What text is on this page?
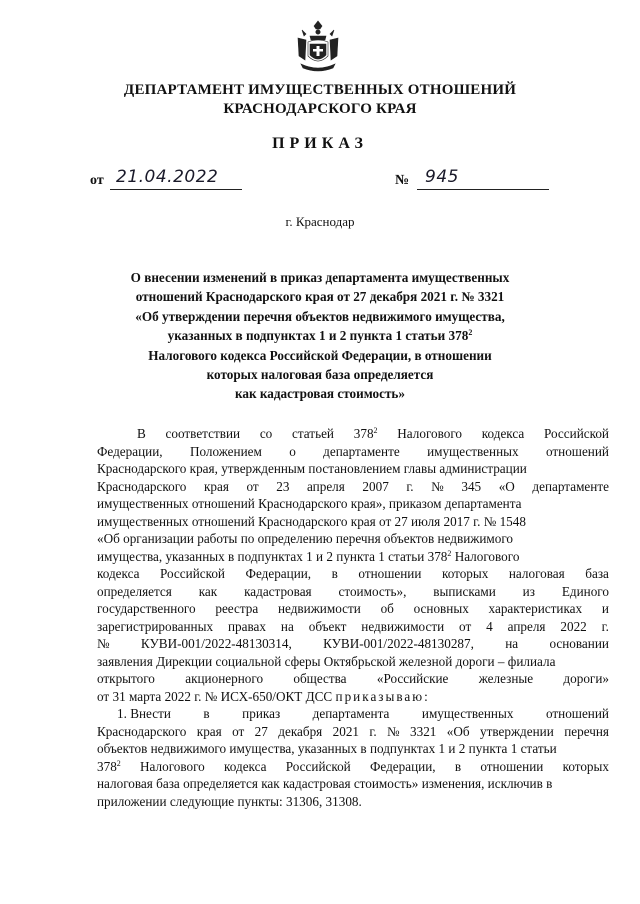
ДЕПАРТАМЕНТ ИМУЩЕСТВЕННЫХ ОТНОШЕНИЙ
КРАСНОДАРСКОГО КРАЯ
ПРИКАЗ
от 21.04.2022	№ 945
г. Краснодар
О внесении изменений в приказ департамента имущественных
отношений Краснодарского края от 27 декабря 2021 г. № 3321
«Об утверждении перечня объектов недвижимого имущества,
указанных в подпунктах 1 и 2 пункта 1 статьи $378^2$
Налогового кодекса Российской Федерации, в отношении
которых налоговая база определяется
как кадастровая стоимость»
В соответствии со статьей $378^2$ Налогового кодекса Российской
Федерации, Положением о департаменте имущественных отношений
Краснодарского края, утвержденным постановлением главы администрации
Краснодарского края от 23 апреля 2007 г. № 345 «О департаменте
имущественных отношений Краснодарского края», приказом департамента
имущественных отношений Краснодарского края от 27 июля 2017 г. № 1548
«Об организации работы по определению перечня объектов недвижимого
имущества, указанных в подпунктах 1 и 2 пункта 1 статьи $378^2$ Налогового
кодекса Российской Федерации, в отношении которых налоговая база
определяется как кадастровая стоимость», выписками из Единого
государственного реестра недвижимости об основных характеристиках и
зарегистрированных правах на объект недвижимости от 4 апреля 2022 г.
№ КУВИ-001/2022-48130314, КУВИ-001/2022-48130287, на основании
заявления Дирекции социальной сферы Октябрьской железной дороги – филиала
открытого акционерного общества «Российские железные дороги»
от 31 марта 2022 г. № ИСХ-650/ОКТ ДСС приказываю:
1. Внести в приказ департамента имущественных отношений
Краснодарского края от 27 декабря 2021 г. № 3321 «Об утверждении перечня
объектов недвижимого имущества, указанных в подпунктах 1 и 2 пункта 1 статьи
$378^2$ Налогового кодекса Российской Федерации, в отношении которых
налоговая база определяется как кадастровая стоимость» изменения, исключив в
приложении следующие пункты: 31306, 31308.
